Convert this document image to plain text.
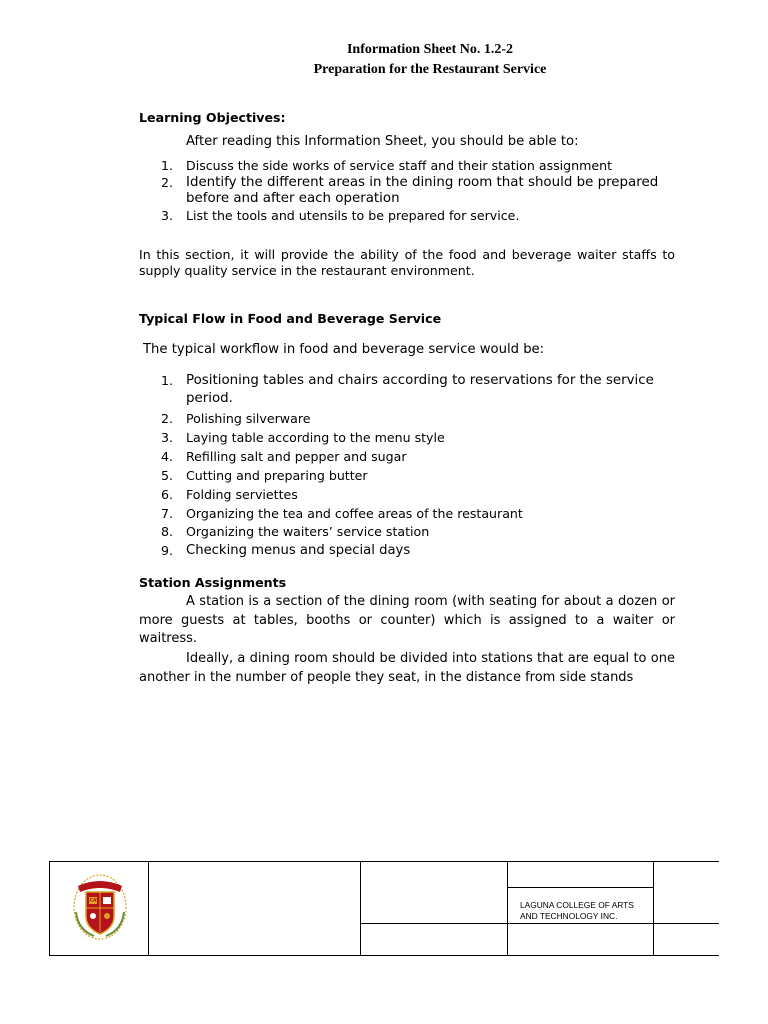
Information Sheet No. 1.2-2
Preparation for the Restaurant Service
Learning Objectives:
After reading this Information Sheet, you should be able to:
1. Discuss the side works of service staff and their station assignment
2. Identify the different areas in the dining room that should be prepared before and after each operation
3. List the tools and utensils to be prepared for service.
In this section, it will provide the ability of the food and beverage waiter staffs to supply quality service in the restaurant environment.
Typical Flow in Food and Beverage Service
The typical workflow in food and beverage service would be:
1. Positioning tables and chairs according to reservations for the service period.
2. Polishing silverware
3. Laying table according to the menu style
4. Refilling salt and pepper and sugar
5. Cutting and preparing butter
6. Folding serviettes
7. Organizing the tea and coffee areas of the restaurant
8. Organizing the waiters’ service station
9. Checking menus and special days
Station Assignments
A station is a section of the dining room (with seating for about a dozen or more guests at tables, booths or counter) which is assigned to a waiter or waitress.
Ideally, a dining room should be divided into stations that are equal to one another in the number of people they seat, in the distance from side stands
LCAT	LAGUNA COLLEGE OF ARTS
AND TECHNOLOGY INC.
